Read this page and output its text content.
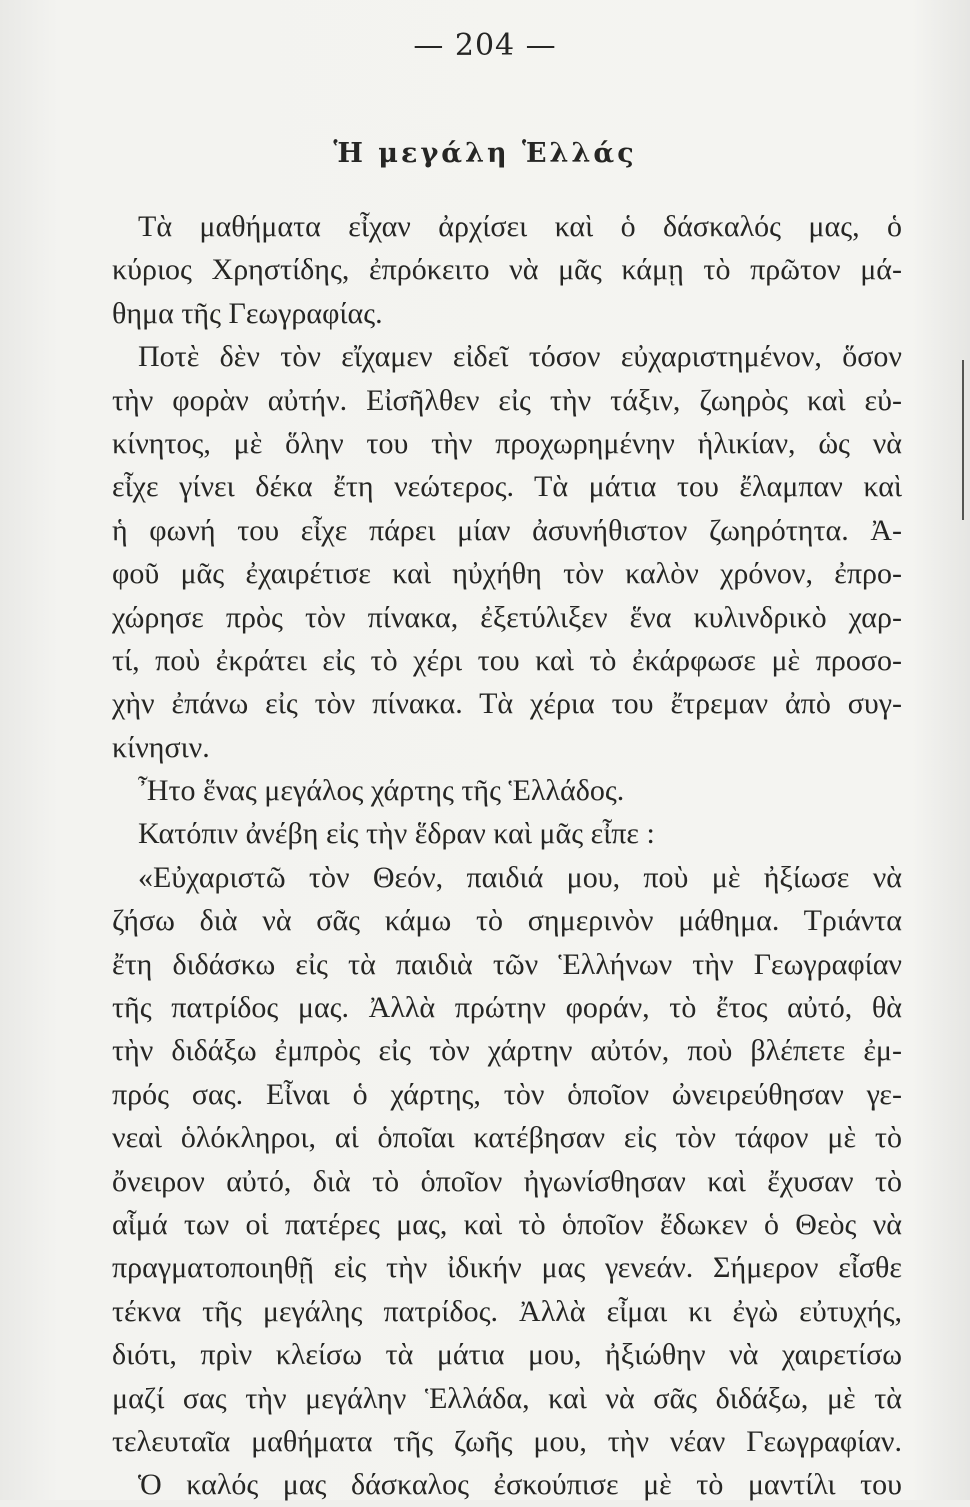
— 204 —
Ἡ μεγάλη Ἑλλάς
Τὰ μαθήματα εἶχαν ἀρχίσει καὶ ὁ δάσκαλός μας, ὁ
κύριος Χρηστίδης, ἐπρόκειτο νὰ μᾶς κάμῃ τὸ πρῶτον μά-
θημα τῆς Γεωγραφίας.
Ποτὲ δὲν τὸν εἴχαμεν εἰδεῖ τόσον εὐχαριστημένον, ὅσον
τὴν φορὰν αὐτήν. Εἰσῆλθεν εἰς τὴν τάξιν, ζωηρὸς καὶ εὐ-
κίνητος, μὲ ὅλην του τὴν προχωρημένην ἡλικίαν, ὡς νὰ
εἶχε γίνει δέκα ἔτη νεώτερος. Τὰ μάτια του ἔλαμπαν καὶ
ἡ φωνή του εἶχε πάρει μίαν ἀσυνήθιστον ζωηρότητα. Ἀ-
φοῦ μᾶς ἐχαιρέτισε καὶ ηὐχήθη τὸν καλὸν χρόνον, ἐπρο-
χώρησε πρὸς τὸν πίνακα, ἐξετύλιξεν ἕνα κυλινδρικὸ χαρ-
τί, ποὺ ἐκράτει εἰς τὸ χέρι του καὶ τὸ ἐκάρφωσε μὲ προσο-
χὴν ἐπάνω εἰς τὸν πίνακα. Τὰ χέρια του ἔτρεμαν ἀπὸ συγ-
κίνησιν.
Ἦτο ἕνας μεγάλος χάρτης τῆς Ἑλλάδος.
Κατόπιν ἀνέβη εἰς τὴν ἕδραν καὶ μᾶς εἶπε :
«Εὐχαριστῶ τὸν Θεόν, παιδιά μου, ποὺ μὲ ἠξίωσε νὰ
ζήσω διὰ νὰ σᾶς κάμω τὸ σημερινὸν μάθημα. Τριάντα
ἔτη διδάσκω εἰς τὰ παιδιὰ τῶν Ἑλλήνων τὴν Γεωγραφίαν
τῆς πατρίδος μας. Ἀλλὰ πρώτην φοράν, τὸ ἔτος αὐτό, θὰ
τὴν διδάξω ἐμπρὸς εἰς τὸν χάρτην αὐτόν, ποὺ βλέπετε ἐμ-
πρός σας. Εἶναι ὁ χάρτης, τὸν ὁποῖον ὠνειρεύθησαν γε-
νεαὶ ὁλόκληροι, αἱ ὁποῖαι κατέβησαν εἰς τὸν τάφον μὲ τὸ
ὄνειρον αὐτό, διὰ τὸ ὁποῖον ἠγωνίσθησαν καὶ ἔχυσαν τὸ
αἷμά των οἱ πατέρες μας, καὶ τὸ ὁποῖον ἔδωκεν ὁ Θεὸς νὰ
πραγματοποιηθῇ εἰς τὴν ἰδικήν μας γενεάν. Σήμερον εἶσθε
τέκνα τῆς μεγάλης πατρίδος. Ἀλλὰ εἶμαι κι ἐγὼ εὐτυχής,
διότι, πρὶν κλείσω τὰ μάτια μου, ἠξιώθην νὰ χαιρετίσω
μαζί σας τὴν μεγάλην Ἑλλάδα, καὶ νὰ σᾶς διδάξω, μὲ τὰ
τελευταῖα μαθήματα τῆς ζωῆς μου, τὴν νέαν Γεωγραφίαν.
Ὁ καλός μας δάσκαλος ἐσκούπισε μὲ τὸ μαντίλι του
